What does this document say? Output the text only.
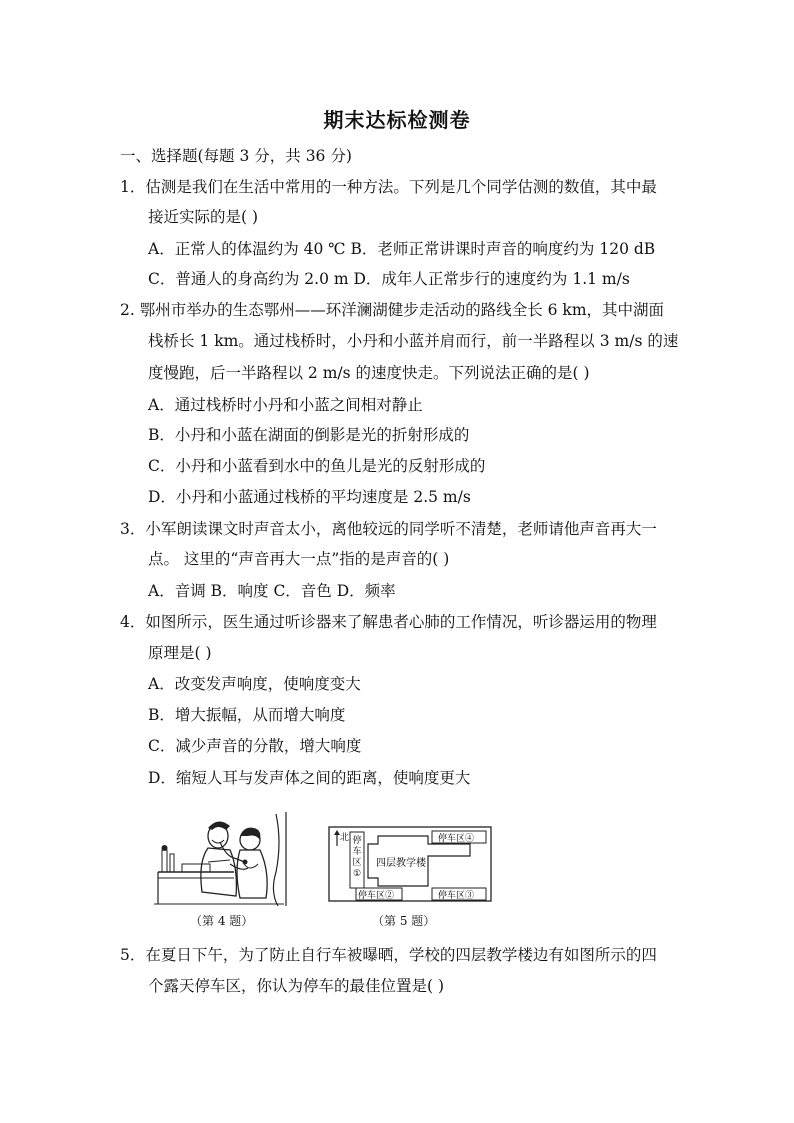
期末达标检测卷
一、选择题(每题 3 分，共 36 分)
1．估测是我们在生活中常用的一种方法。下列是几个同学估测的数值，其中最
接近实际的是( )
A．正常人的体温约为 40 ℃ B．老师正常讲课时声音的响度约为 120 dB
C．普通人的身高约为 2.0 m D．成年人正常步行的速度约为 1.1 m/s
2. 鄂州市举办的生态鄂州——环洋澜湖健步走活动的路线全长 6 km，其中湖面
栈桥长 1 km。通过栈桥时，小丹和小蓝并肩而行，前一半路程以 3 m/s 的速
度慢跑，后一半路程以 2 m/s 的速度快走。下列说法正确的是( )
A．通过栈桥时小丹和小蓝之间相对静止
B．小丹和小蓝在湖面的倒影是光的折射形成的
C．小丹和小蓝看到水中的鱼儿是光的反射形成的
D．小丹和小蓝通过栈桥的平均速度是 2.5 m/s
3．小军朗读课文时声音太小，离他较远的同学听不清楚，老师请他声音再大一
点。 这里的“声音再大一点”指的是声音的( )
A．音调 B．响度 C．音色 D．频率
4．如图所示，医生通过听诊器来了解患者心肺的工作情况，听诊器运用的物理
原理是( )
A．改变发声响度，使响度变大
B．增大振幅，从而增大响度
C．减少声音的分散，增大响度
D．缩短人耳与发声体之间的距离，使响度更大
（第 4 题）
北
四层教学楼
停车区 ①
停车区②	停车区③
停车区④
（第 5 题）
5．在夏日下午，为了防止自行车被曝晒，学校的四层教学楼边有如图所示的四
个露天停车区，你认为停车的最佳位置是( )
